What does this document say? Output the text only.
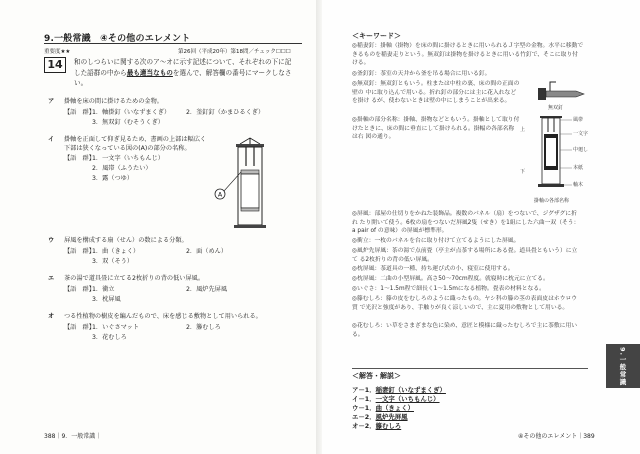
9.一般常識　④その他のエレメント
重要度★★	第26回（平成20年）第18問／チェック☐☐☐
14	和のしつらいに関する次のア〜オに示す記述について、それぞれの下に記
した語群の中から最も適当なものを選んで、解答欄の番号にマークしなさ
い。
ア 掛軸を床の間に掛けるための金物。
【語　群】
1．軸掛釘（いなずまくぎ）	2．釜釘釘（かまひるくぎ）
3．無双釘（むそうくぎ）
イ 掛軸を正面して仰ぎ見るため、書画の上部は幅広く
下部は狭くなっている図の(A)の部分の名称。
【語　群】
1．一文字（いちもんじ）
2．風帯（ふうたい）
3．露（つゆ）
A
ウ 屏風を構成する扇（せん）の数による分類。
【語　群】
1．曲（きょく）	2．面（めん）
3．双（そう）
エ 茶の湯で道具畳に立てる2枚折りの背の低い屏風。
【語　群】
1．衝立	2．風炉先屏風
3．枕屏風
オ つる性植物の樹皮を編んだもので、床を感じる敷物として用いられる。
【語　群】
1．いぐさマット	2．籐むしろ
3．花むしろ
388｜9．一般常識｜
＜キーワード＞
◎稲妻釘：掛軸（掛物）を床の間に掛けるときに用いられるＪ字型の金物。水平に移動で きるものを稲妻走りという。無双釘は掛物を掛けるときに用いる竹釘で、そこに取り付 ける。
◎釜釘釘：茶室の天井から釜を吊る場合に用いる釘。
◎無双釘：無双釘ともいう。柱または中柱の裏、床の間の正面の壁の 中に取り込んで用いる。折れ釘の部分には主に花入れなどを掛け るが、使わないときは壁の中にしまうことが出来る。
◎掛軸の部分名称：掛軸、掛物などともいう。掛軸として取り付 けたときに、床の間に垂直にして掛けられる。掛幅の各部名称は右 図の通り。
無双釘
風帯
一文字
中廻し
本紙
上
下
軸木
掛軸の各部名称
◎屏風：部屋の仕切りをかねた装飾品。複数のパネル（扇）をつないで、ジグザグに折れ たり開いて使う。6枚の扇をつないだ屏風2隻（せき）を1組にした六曲一双（そう：a pair of の意味）の屏風が標準形。
◎衝立：一枚のパネルを台に取り付けて立てるようにした屏風。
◎風炉先屏風：茶の湯で点前畳（亭主が点茶する場所にある畳。道具畳ともいう）に立て る2枚折りの背の低い屏風。
◎枕屏風：茶道具の一種、持ち運び式の小、寝室に使用する。
◎枕屏風：二曲の小型屏風。高さ50〜70cm程度。就寝時に枕元に立てる。
◎いぐさ：1〜1.5m程で細長く1〜1.5mになる植物。畳表の材料となる。
◎籐むしろ：籐の皮をむしろのように織ったもの。ヤシ科の籐の茎の表面皮はホウロウ質 で光沢と強度があり、手触りが良く涼しいので、主に夏用の敷物として用いる。
◎花むしろ：い草をさまざまな色に染め、意匠と模様に織ったむしろで主に茶敷に用いる。
＜解答・解説＞
ア－1．稲妻釘（いなずまくぎ）
イ－1．一文字（いちもんじ）
ウ－1．曲（きょく）
エ－2．風炉先屏風
オ－2．籐むしろ
9.一般常識
④その他のエレメント｜389
